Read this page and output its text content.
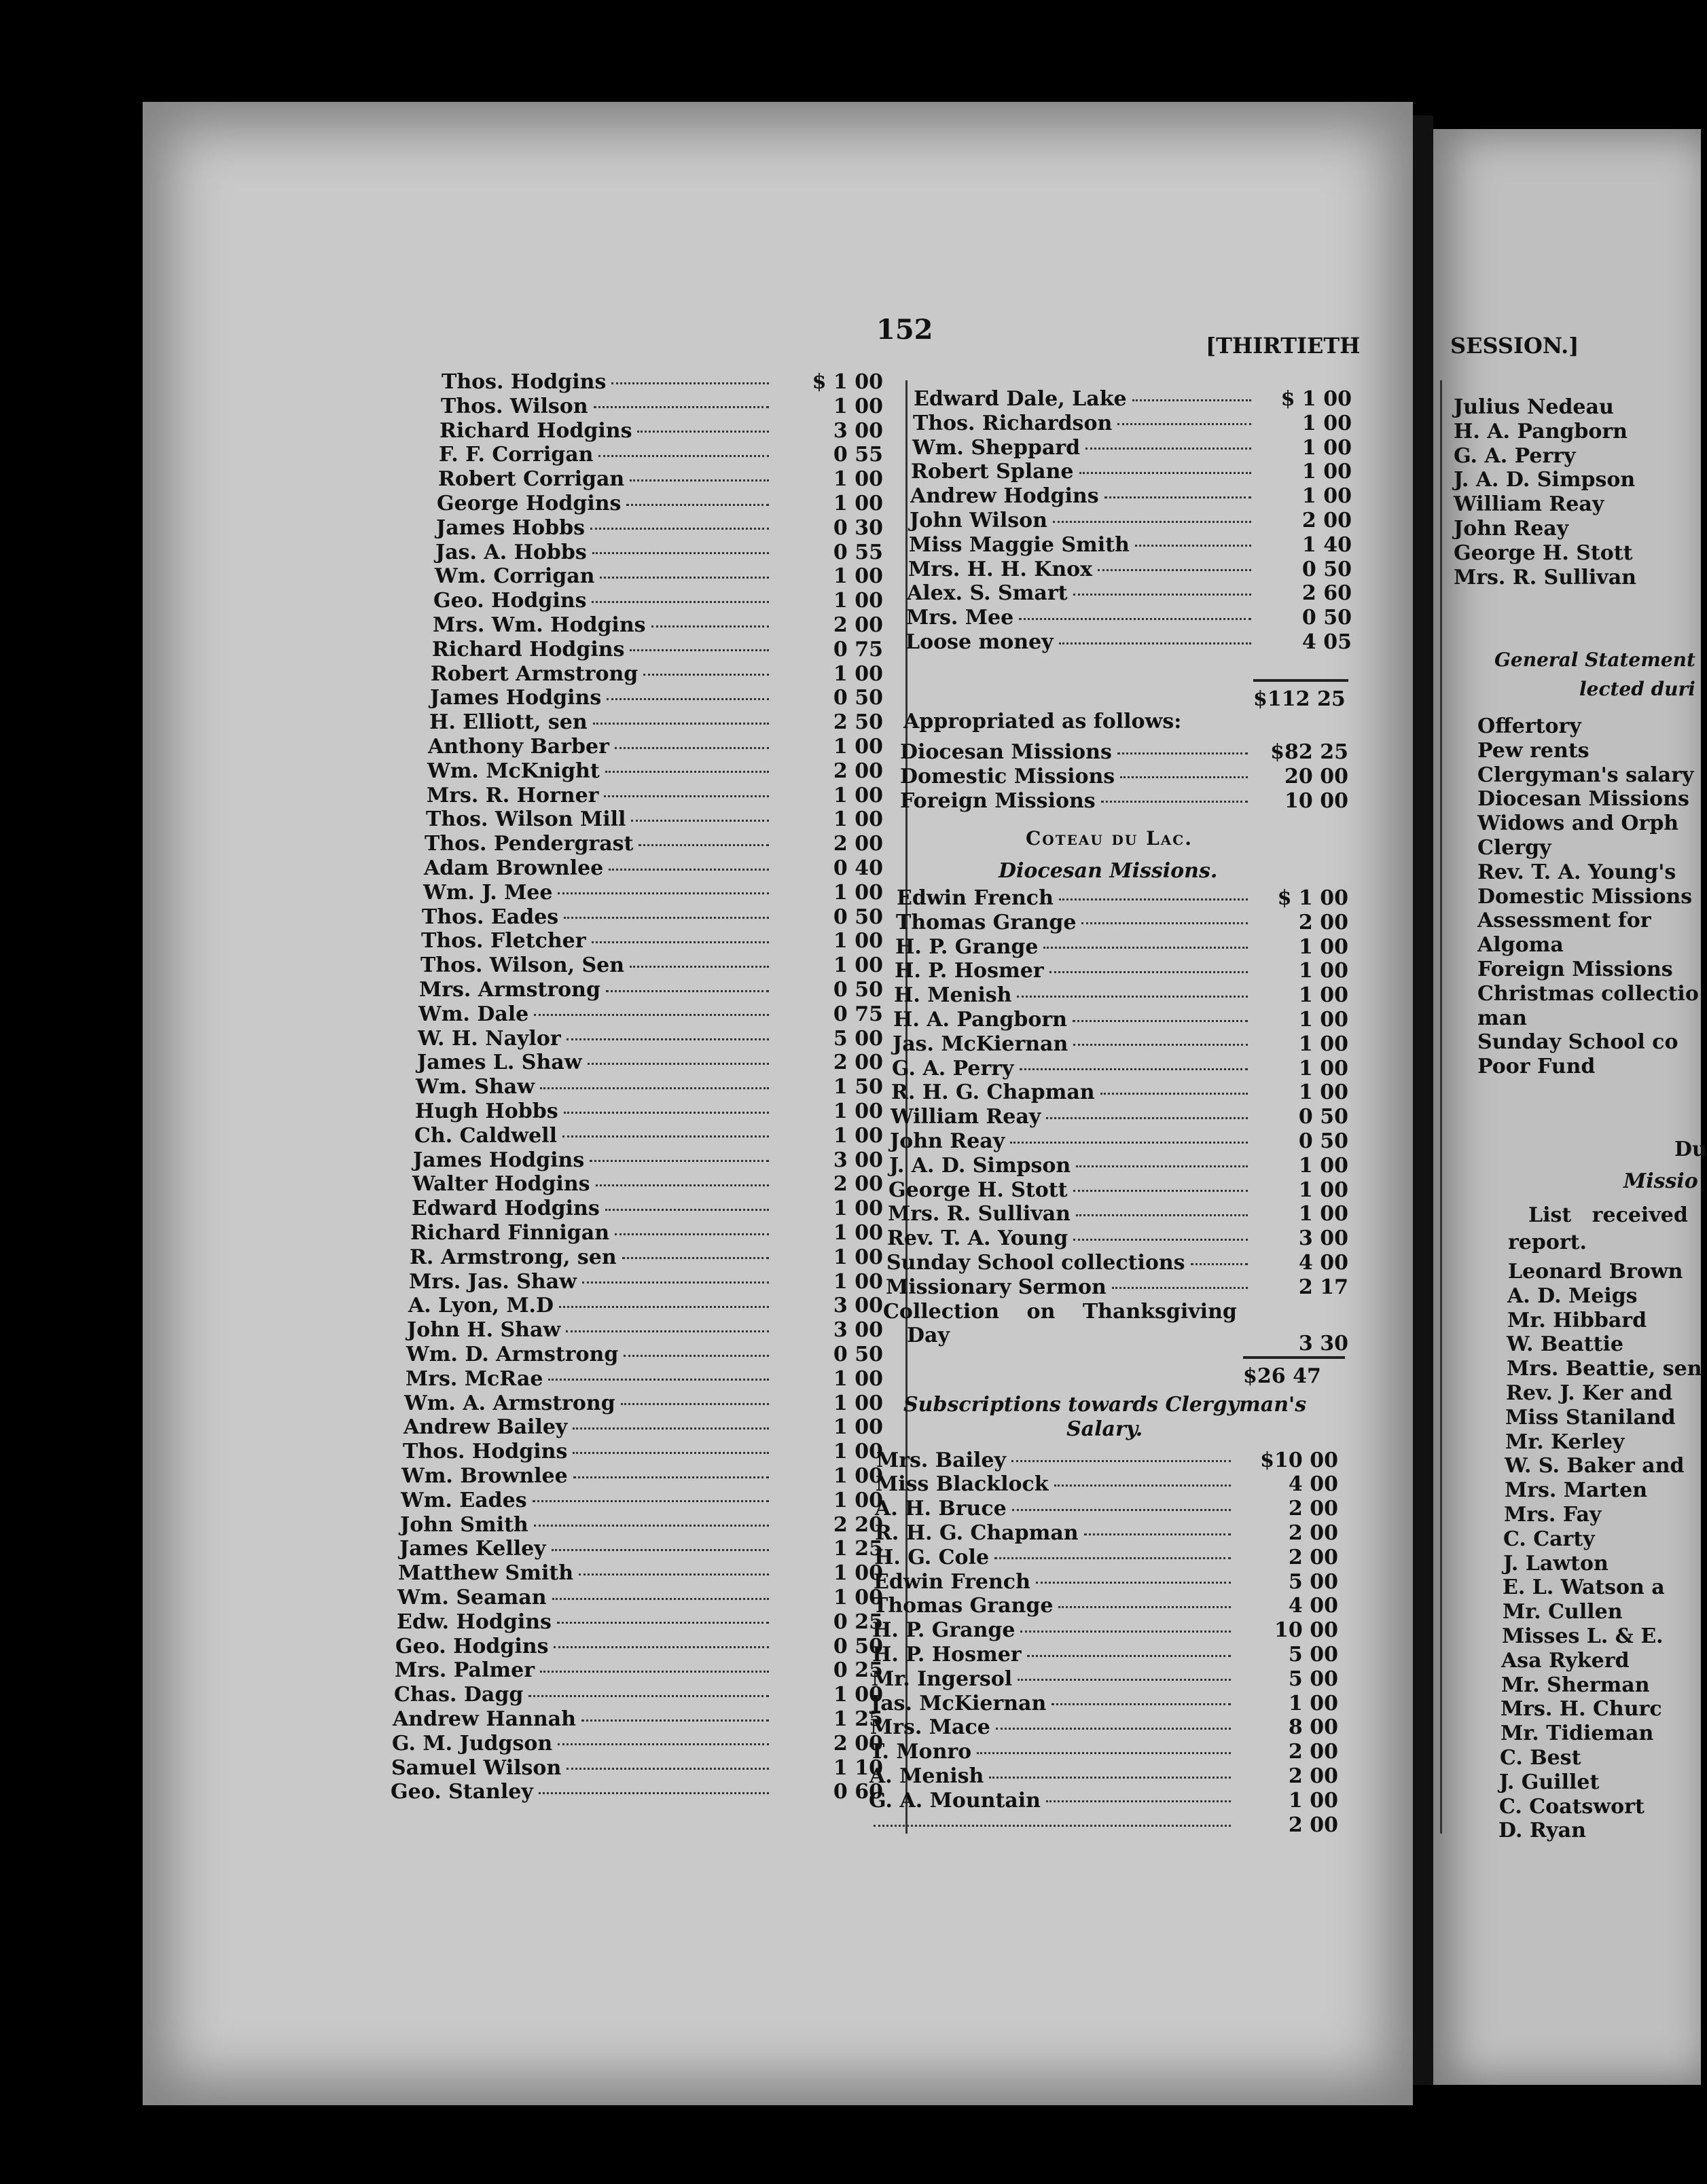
152	[THIRTIETH	SESSION.]
Thos. Hodgins	$ 1 00
Thos. Wilson	1 00
Richard Hodgins	3 00
F. F. Corrigan	0 55
Robert Corrigan	1 00
George Hodgins	1 00
James Hobbs	0 30
Jas. A. Hobbs	0 55
Wm. Corrigan	1 00
Geo. Hodgins	1 00
Mrs. Wm. Hodgins	2 00
Richard Hodgins	0 75
Robert Armstrong	1 00
James Hodgins	0 50
H. Elliott, sen	2 50
Anthony Barber	1 00
Wm. McKnight	2 00
Mrs. R. Horner	1 00
Thos. Wilson Mill	1 00
Thos. Pendergrast	2 00
Adam Brownlee	0 40
Wm. J. Mee	1 00
Thos. Eades	0 50
Thos. Fletcher	1 00
Thos. Wilson, Sen	1 00
Mrs. Armstrong	0 50
Wm. Dale	0 75
W. H. Naylor	5 00
James L. Shaw	2 00
Wm. Shaw	1 50
Hugh Hobbs	1 00
Ch. Caldwell	1 00
James Hodgins	3 00
Walter Hodgins	2 00
Edward Hodgins	1 00
Richard Finnigan	1 00
R. Armstrong, sen	1 00
Mrs. Jas. Shaw	1 00
A. Lyon, M.D	3 00
John H. Shaw	3 00
Wm. D. Armstrong	0 50
Mrs. McRae	1 00
Wm. A. Armstrong	1 00
Andrew Bailey	1 00
Thos. Hodgins	1 00
Wm. Brownlee	1 00
Wm. Eades	1 00
John Smith	2 20
James Kelley	1 25
Matthew Smith	1 00
Wm. Seaman	1 00
Edw. Hodgins	0 25
Geo. Hodgins	0 50
Mrs. Palmer	0 25
Chas. Dagg	1 00
Andrew Hannah	1 25
G. M. Judgson	2 00
Samuel Wilson	1 10
Geo. Stanley	0 60
Edward Dale, Lake	$ 1 00
Thos. Richardson	1 00
Wm. Sheppard	1 00
Robert Splane	1 00
Andrew Hodgins	1 00
John Wilson	2 00
Miss Maggie Smith	1 40
Mrs. H. H. Knox	0 50
Alex. S. Smart	2 60
Mrs. Mee	0 50
Loose money	4 05
$112 25
Appropriated as follows:
Diocesan Missions	$82 25
Domestic Missions	20 00
Foreign Missions	10 00
Coteau du Lac.
Diocesan Missions.
Edwin French	$ 1 00
Thomas Grange	2 00
H. P. Grange	1 00
H. P. Hosmer	1 00
H. Menish	1 00
H. A. Pangborn	1 00
Jas. McKiernan	1 00
G. A. Perry	1 00
R. H. G. Chapman	1 00
William Reay	0 50
John Reay	0 50
J. A. D. Simpson	1 00
George H. Stott	1 00
Mrs. R. Sullivan	1 00
Rev. T. A. Young	3 00
Sunday School collections	4 00
Missionary Sermon	2 17
Collection on Thanksgiving
Day	3 30
$26 47
Subscriptions towards Clergyman's
Salary.
Mrs. Bailey	$10 00
Miss Blacklock	4 00
A. H. Bruce	2 00
R. H. G. Chapman	2 00
H. G. Cole	2 00
Edwin French	5 00
Thomas Grange	4 00
H. P. Grange	10 00
H. P. Hosmer	5 00
Mr. Ingersol	5 00
Jas. McKiernan	1 00
Mrs. Mace	8 00
T. Monro	2 00
A. Menish	2 00
G. A. Mountain	1 00
2 00
Julius Nedeau
H. A. Pangborn
G. A. Perry
J. A. D. Simpson
William Reay
John Reay
George H. Stott
Mrs. R. Sullivan
General Statement
lected duri
Offertory
Pew rents
Clergyman's salary
Diocesan Missions
Widows and Orph
Clergy
Rev. T. A. Young's
Domestic Missions
Assessment for
Algoma
Foreign Missions
Christmas collectio
man
Sunday School co
Poor Fund
Du
Missio
List received
report.
Leonard Brown
A. D. Meigs
Mr. Hibbard
W. Beattie
Mrs. Beattie, sen
Rev. J. Ker and
Miss Staniland
Mr. Kerley
W. S. Baker and
Mrs. Marten
Mrs. Fay
C. Carty
J. Lawton
E. L. Watson a
Mr. Cullen
Misses L. & E.
Asa Rykerd
Mr. Sherman
Mrs. H. Churc
Mr. Tidieman
C. Best
J. Guillet
C. Coatswort
D. Ryan
